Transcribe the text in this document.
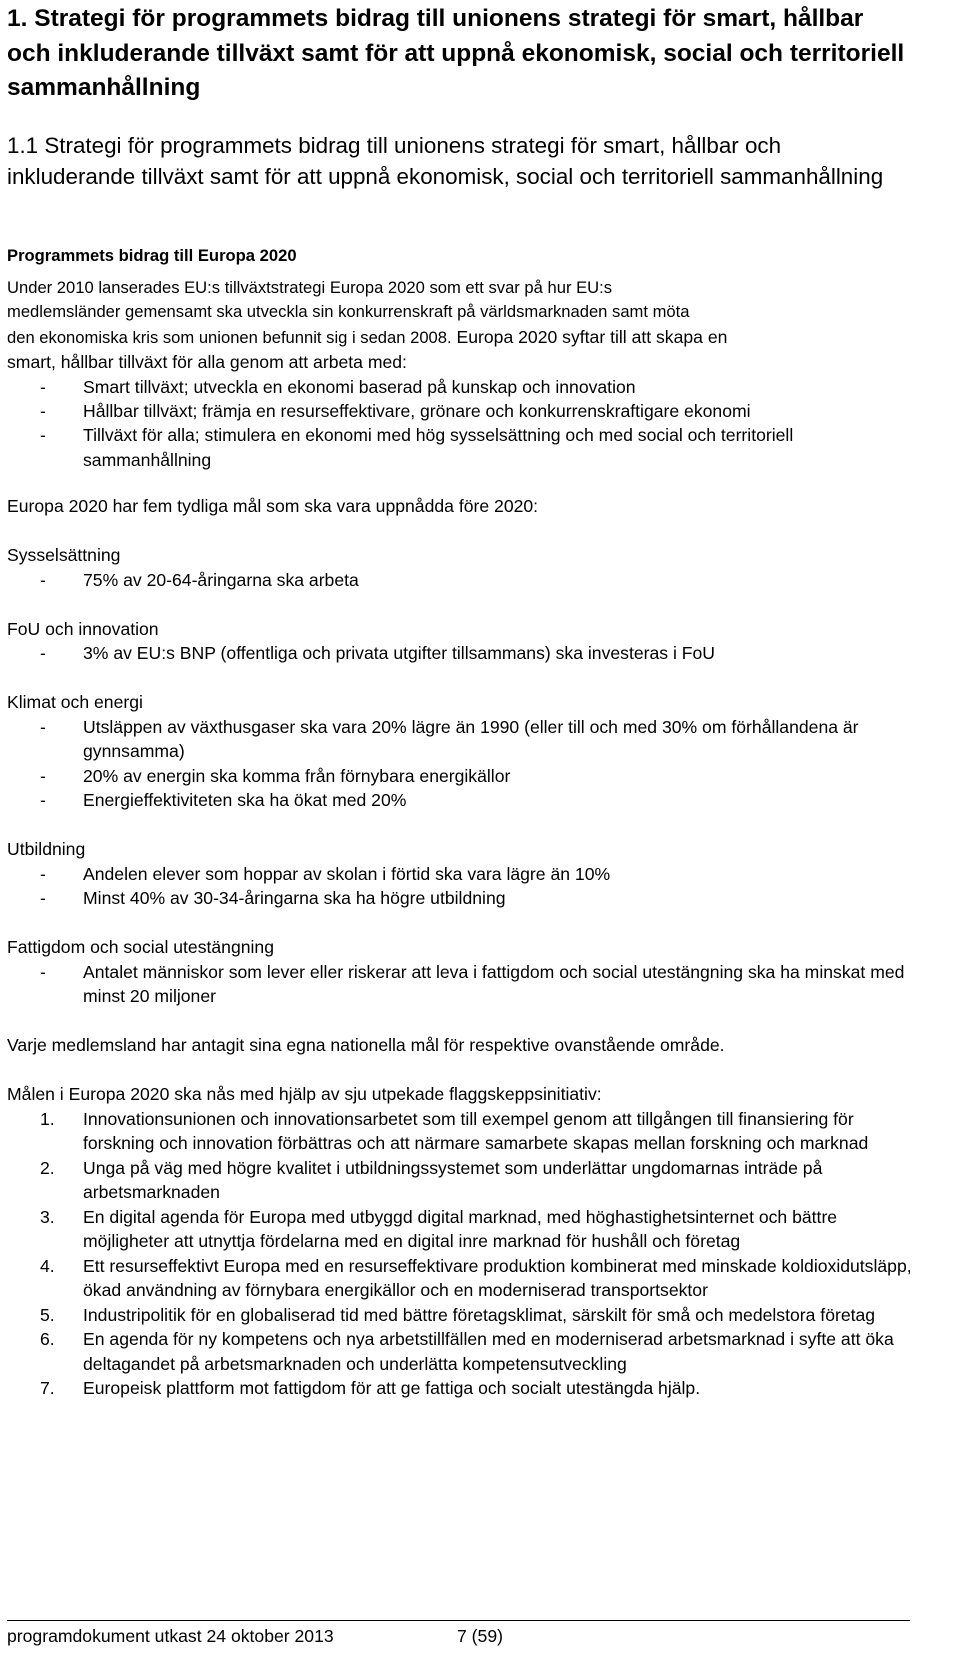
1. Strategi för programmets bidrag till unionens strategi för smart, hållbar och inkluderande tillväxt samt för att uppnå ekonomisk, social och territoriell sammanhållning
1.1 Strategi för programmets bidrag till unionens strategi för smart, hållbar och inkluderande tillväxt samt för att uppnå ekonomisk, social och territoriell sammanhållning
Programmets bidrag till Europa 2020

Under 2010 lanserades EU:s tillväxtstrategi Europa 2020 som ett svar på hur EU:s
medlemsländer gemensamt ska utveckla sin konkurrenskraft på världsmarknaden samt möta
den ekonomiska kris som unionen befunnit sig i sedan 2008. Europa 2020 syftar till att skapa en

smart, hållbar tillväxt för alla genom att arbeta med:

-	Smart tillväxt; utveckla en ekonomi baserad på kunskap och innovation
-	Hållbar tillväxt; främja en resurseffektivare, grönare och konkurrenskraftigare ekonomi
-	Tillväxt för alla; stimulera en ekonomi med hög sysselsättning och med social och territoriell sammanhållning

Europa 2020 har fem tydliga mål som ska vara uppnådda före 2020:

Sysselsättning

-	75% av 20-64-åringarna ska arbeta

FoU och innovation

-	3% av EU:s BNP (offentliga och privata utgifter tillsammans) ska investeras i FoU

Klimat och energi

-	Utsläppen av växthusgaser ska vara 20% lägre än 1990 (eller till och med 30% om förhållandena är gynnsamma)
-	20% av energin ska komma från förnybara energikällor
-	Energieffektiviteten ska ha ökat med 20%

Utbildning

-	Andelen elever som hoppar av skolan i förtid ska vara lägre än 10%
-	Minst 40% av 30-34-åringarna ska ha högre utbildning

Fattigdom och social utestängning

-	Antalet människor som lever eller riskerar att leva i fattigdom och social utestängning ska ha minskat med minst 20 miljoner

Varje medlemsland har antagit sina egna nationella mål för respektive ovanstående område.

Målen i Europa 2020 ska nås med hjälp av sju utpekade flaggskeppsinitiativ:

1.	Innovationsunionen och innovationsarbetet som till exempel genom att tillgången till finansiering för forskning och innovation förbättras och att närmare samarbete skapas mellan forskning och marknad
2.	Unga på väg med högre kvalitet i utbildningssystemet som underlättar ungdomarnas inträde på arbetsmarknaden
3.	En digital agenda för Europa med utbyggd digital marknad, med höghastighetsinternet och bättre möjligheter att utnyttja fördelarna med en digital inre marknad för hushåll och företag
4.	Ett resurseffektivt Europa med en resurseffektivare produktion kombinerat med minskade koldioxidutsläpp, ökad användning av förnybara energikällor och en moderniserad transportsektor
5.	Industripolitik för en globaliserad tid med bättre företagsklimat, särskilt för små och medelstora företag
6.	En agenda för ny kompetens och nya arbetstillfällen med en moderniserad arbetsmarknad i syfte att öka deltagandet på arbetsmarknaden och underlätta kompetensutveckling
7.	Europeisk plattform mot fattigdom för att ge fattiga och socialt utestängda hjälp.
programdokument utkast 24 oktober 2013	7 (59)
